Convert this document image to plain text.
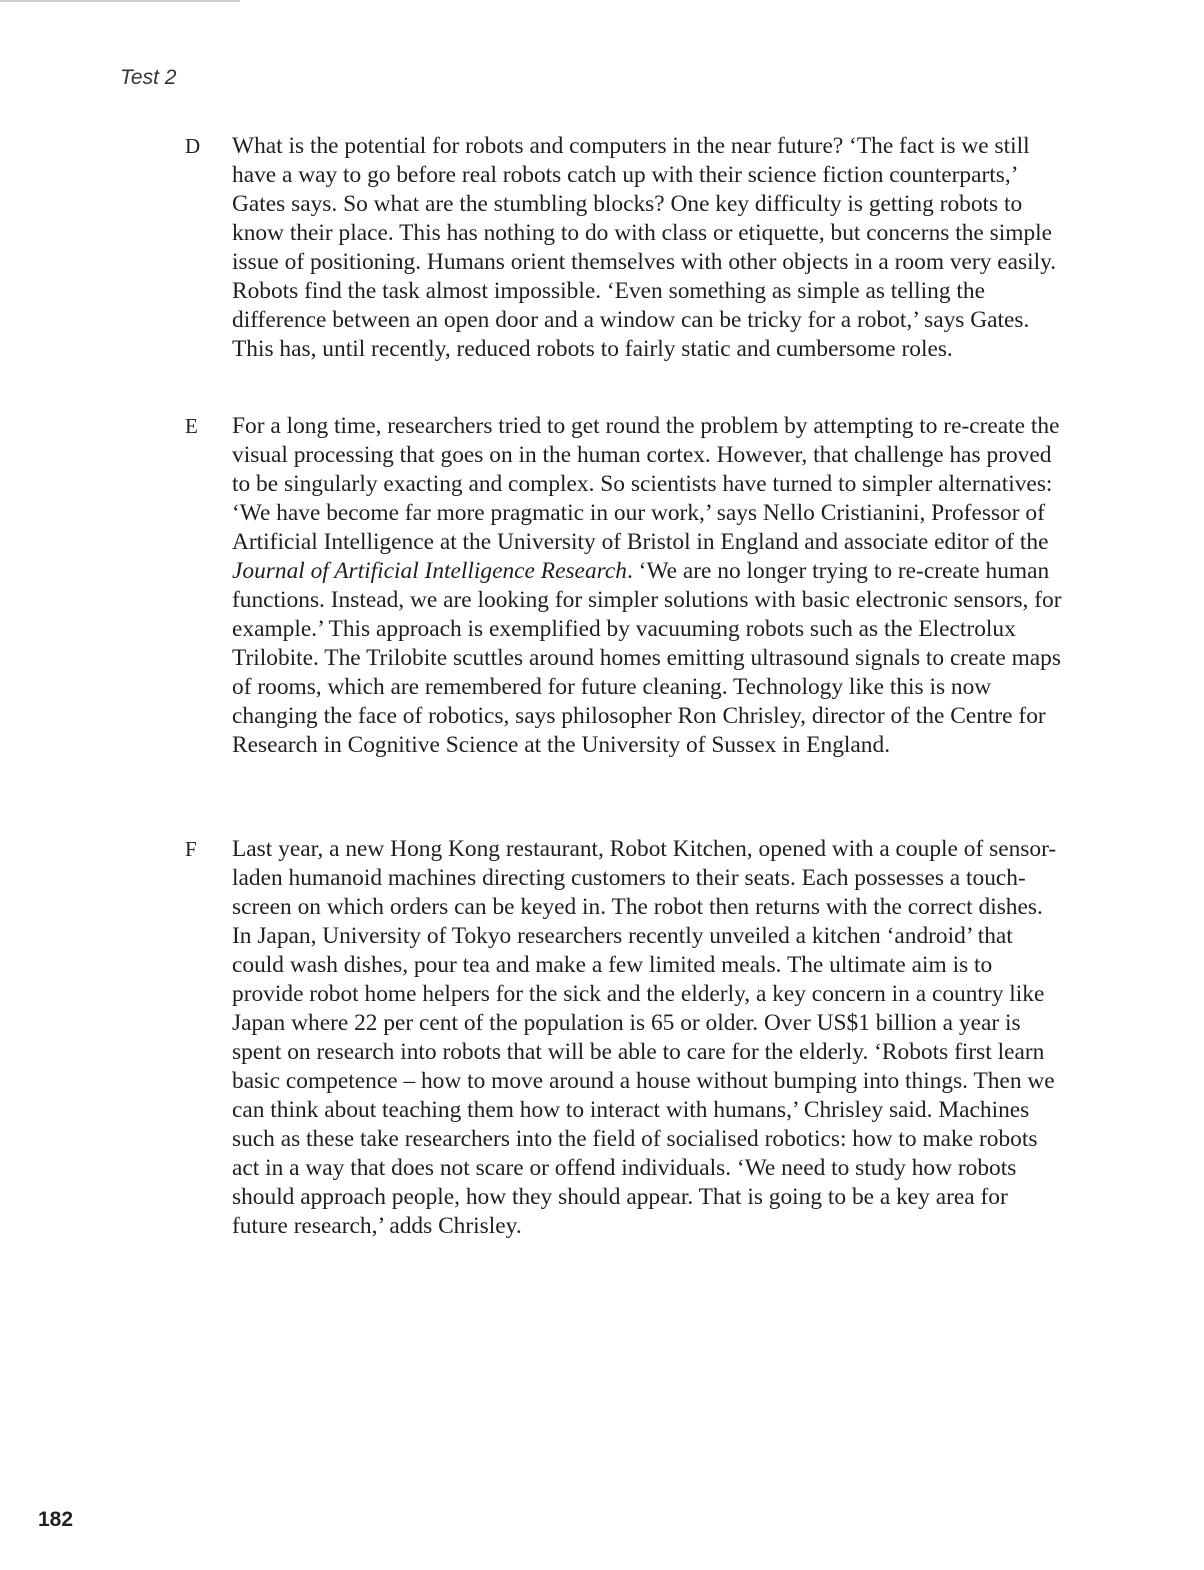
Test 2
D	What is the potential for robots and computers in the near future? ‘The fact is we still have a way to go before real robots catch up with their science fiction counterparts,’ Gates says. So what are the stumbling blocks? One key difficulty is getting robots to know their place. This has nothing to do with class or etiquette, but concerns the simple issue of positioning. Humans orient themselves with other objects in a room very easily. Robots find the task almost impossible. ‘Even something as simple as telling the difference between an open door and a window can be tricky for a robot,’ says Gates. This has, until recently, reduced robots to fairly static and cumbersome roles.
E	For a long time, researchers tried to get round the problem by attempting to re-create the visual processing that goes on in the human cortex. However, that challenge has proved to be singularly exacting and complex. So scientists have turned to simpler alternatives: ‘We have become far more pragmatic in our work,’ says Nello Cristianini, Professor of Artificial Intelligence at the University of Bristol in England and associate editor of the Journal of Artificial Intelligence Research. ‘We are no longer trying to re-create human functions. Instead, we are looking for simpler solutions with basic electronic sensors, for example.’ This approach is exemplified by vacuuming robots such as the Electrolux Trilobite. The Trilobite scuttles around homes emitting ultrasound signals to create maps of rooms, which are remembered for future cleaning. Technology like this is now changing the face of robotics, says philosopher Ron Chrisley, director of the Centre for Research in Cognitive Science at the University of Sussex in England.
F	Last year, a new Hong Kong restaurant, Robot Kitchen, opened with a couple of sensor-laden humanoid machines directing customers to their seats. Each possesses a touch-screen on which orders can be keyed in. The robot then returns with the correct dishes. In Japan, University of Tokyo researchers recently unveiled a kitchen ‘android’ that could wash dishes, pour tea and make a few limited meals. The ultimate aim is to provide robot home helpers for the sick and the elderly, a key concern in a country like Japan where 22 per cent of the population is 65 or older. Over US$1 billion a year is spent on research into robots that will be able to care for the elderly. ‘Robots first learn basic competence – how to move around a house without bumping into things. Then we can think about teaching them how to interact with humans,’ Chrisley said. Machines such as these take researchers into the field of socialised robotics: how to make robots act in a way that does not scare or offend individuals. ‘We need to study how robots should approach people, how they should appear. That is going to be a key area for future research,’ adds Chrisley.
182
